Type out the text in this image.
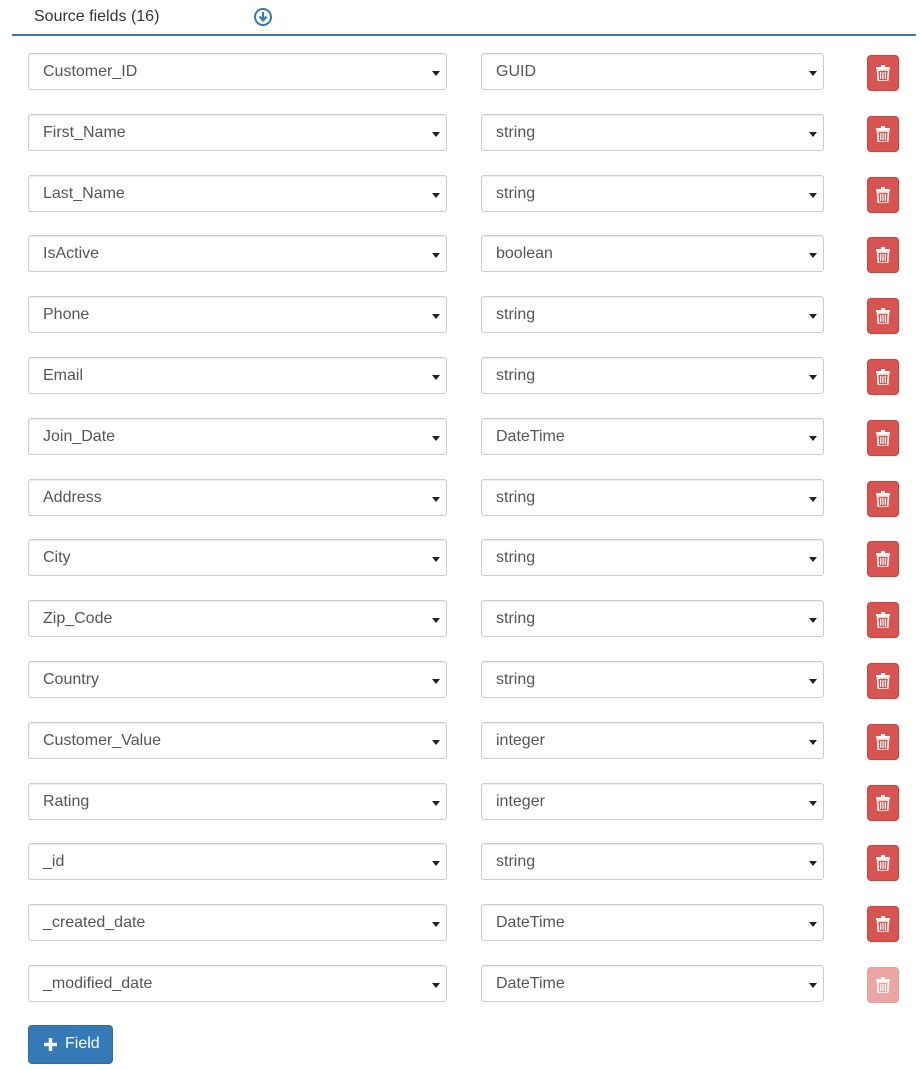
Source fields (16)
Customer_ID	GUID
First_Name	string
Last_Name	string
IsActive	boolean
Phone	string
Email	string
Join_Date	DateTime
Address	string
City	string
Zip_Code	string
Country	string
Customer_Value	integer
Rating	integer
_id	string
_created_date	DateTime
_modified_date	DateTime
Field
